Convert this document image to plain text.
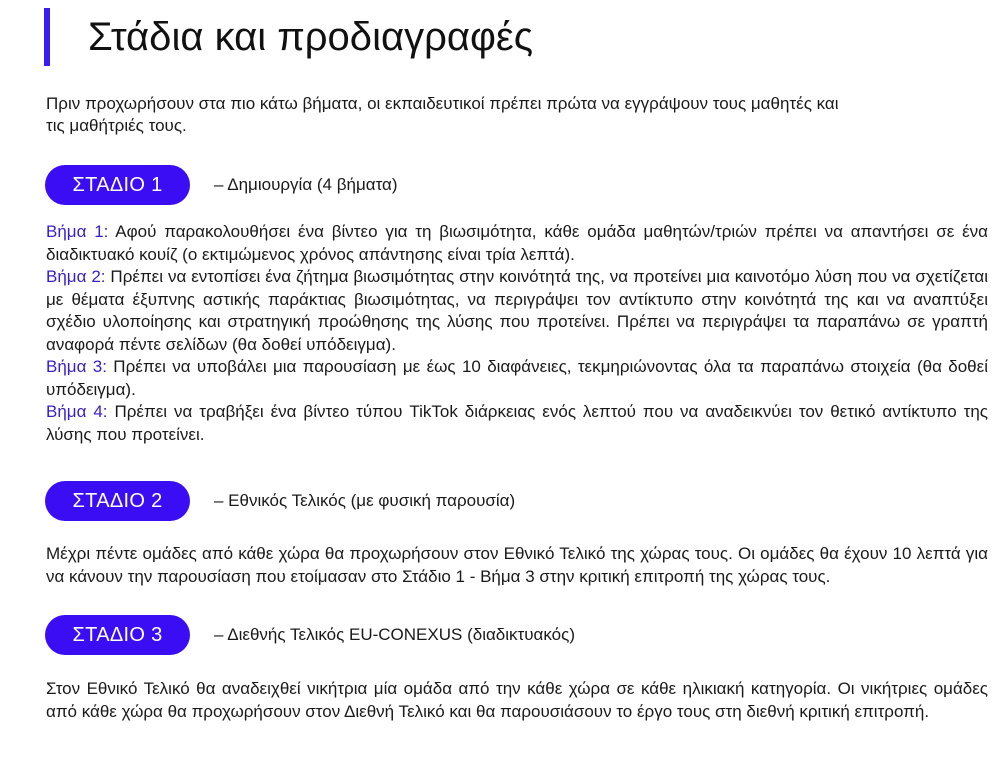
Στάδια και προδιαγραφές

Πριν προχωρήσουν στα πιο κάτω βήματα, οι εκπαιδευτικοί πρέπει πρώτα να εγγράψουν τους μαθητές και τις μαθήτριές τους.

ΣΤΑΔΙΟ 1	– Δημιουργία (4 βήματα)
Βήμα 1: Αφού παρακολουθήσει ένα βίντεο για τη βιωσιμότητα, κάθε ομάδα μαθητών/τριών πρέπει να απαντήσει σε ένα διαδικτυακό κουίζ (ο εκτιμώμενος χρόνος απάντησης είναι τρία λεπτά).
Βήμα 2: Πρέπει να εντοπίσει ένα ζήτημα βιωσιμότητας στην κοινότητά της, να προτείνει μια καινοτόμο λύση που να σχετίζεται με θέματα έξυπνης αστικής παράκτιας βιωσιμότητας, να περιγράψει τον αντίκτυπο στην κοινότητά της και να αναπτύξει σχέδιο υλοποίησης και στρατηγική προώθησης της λύσης που προτείνει. Πρέπει να περιγράψει τα παραπάνω σε γραπτή αναφορά πέντε σελίδων (θα δοθεί υπόδειγμα).
Βήμα 3: Πρέπει να υποβάλει μια παρουσίαση με έως 10 διαφάνειες, τεκμηριώνοντας όλα τα παραπάνω στοιχεία (θα δοθεί υπόδειγμα).
Βήμα 4: Πρέπει να τραβήξει ένα βίντεο τύπου TikTok διάρκειας ενός λεπτού που να αναδεικνύει τον θετικό αντίκτυπο της λύσης που προτείνει.
ΣΤΑΔΙΟ 2	– Εθνικός Τελικός (με φυσική παρουσία)

Μέχρι πέντε ομάδες από κάθε χώρα θα προχωρήσουν στον Εθνικό Τελικό της χώρας τους. Οι ομάδες θα έχουν 10 λεπτά για να κάνουν την παρουσίαση που ετοίμασαν στο Στάδιο 1 - Βήμα 3 στην κριτική επιτροπή της χώρας τους.

ΣΤΑΔΙΟ 3	– Διεθνής Τελικός EU-CONEXUS (διαδικτυακός)

Στον Εθνικό Τελικό θα αναδειχθεί νικήτρια μία ομάδα από την κάθε χώρα σε κάθε ηλικιακή κατηγορία. Οι νικήτριες ομάδες από κάθε χώρα θα προχωρήσουν στον Διεθνή Τελικό και θα παρουσιάσουν το έργο τους στη διεθνή κριτική επιτροπή.
